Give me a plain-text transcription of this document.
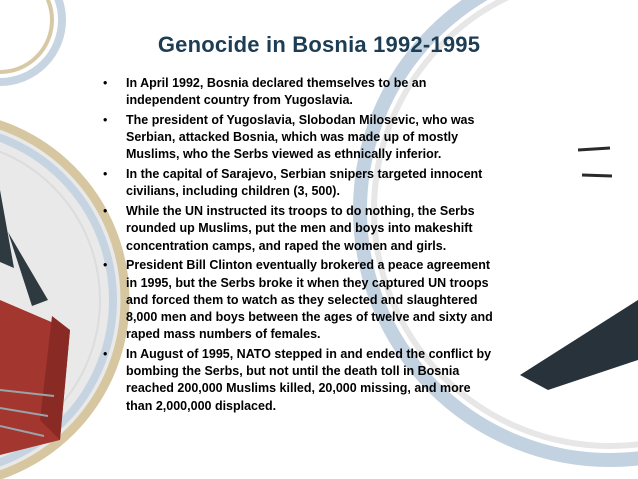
Genocide in Bosnia 1992-1995
• In April 1992, Bosnia declared themselves to be an independent country from Yugoslavia.
• The president of Yugoslavia, Slobodan Milosevic, who was Serbian, attacked Bosnia, which was made up of mostly Muslims, who the Serbs viewed as ethnically inferior.
• In the capital of Sarajevo, Serbian snipers targeted innocent civilians, including children (3, 500).
• While the UN instructed its troops to do nothing, the Serbs rounded up Muslims, put the men and boys into makeshift concentration camps, and raped the women and girls.
• President Bill Clinton eventually brokered a peace agreement in 1995, but the Serbs broke it when they captured UN troops and forced them to watch as they selected and slaughtered 8,000 men and boys between the ages of twelve and sixty and raped mass numbers of females.
• In August of 1995, NATO stepped in and ended the conflict by bombing the Serbs, but not until the death toll in Bosnia reached 200,000 Muslims killed, 20,000 missing, and more than 2,000,000 displaced.
